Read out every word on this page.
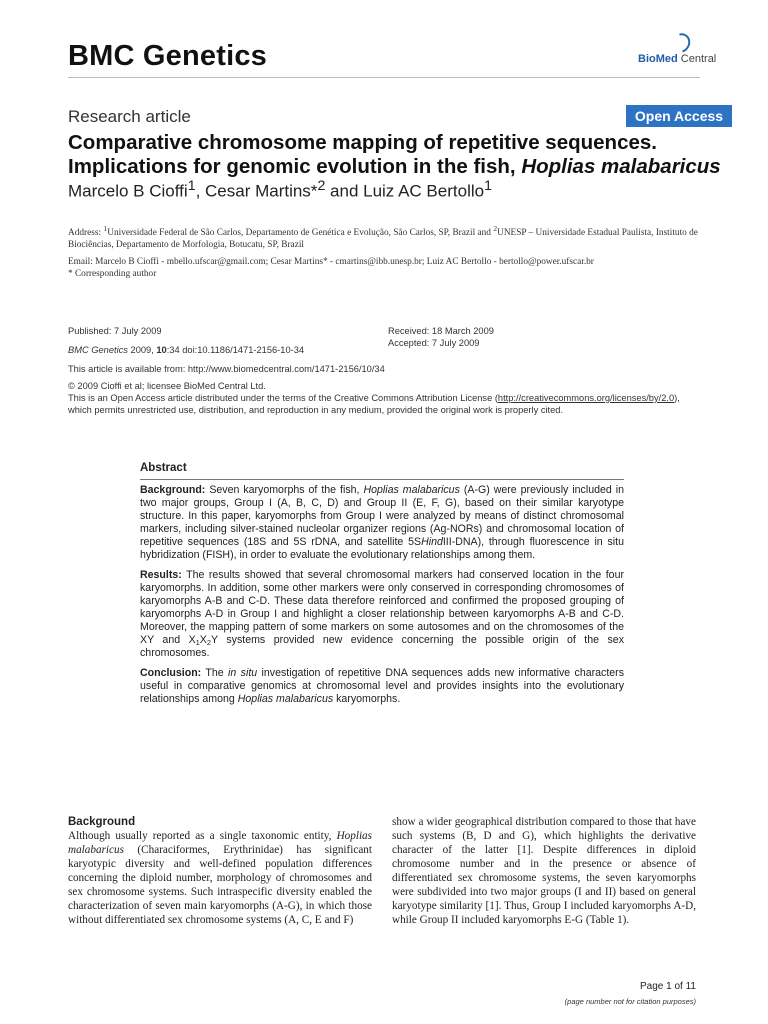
BMC Genetics	BioMed Central
Research article	Open Access
Comparative chromosome mapping of repetitive sequences. Implications for genomic evolution in the fish, Hoplias malabaricus
Marcelo B Cioffi$^1$, Cesar Martins*$^2$ and Luiz AC Bertollo$^1$
Address: $^1$Universidade Federal de São Carlos, Departamento de Genética e Evolução, São Carlos, SP, Brazil and $^2$UNESP – Universidade Estadual Paulista, Instituto de Biociências, Departamento de Morfologia, Botucatu, SP, Brazil
Email: Marcelo B Cioffi - mbello.ufscar@gmail.com; Cesar Martins* - cmartins@ibb.unesp.br; Luiz AC Bertollo - bertollo@power.ufscar.br
* Corresponding author
Published: 7 July 2009
BMC Genetics 2009, 10:34 doi:10.1186/1471-2156-10-34
Received: 18 March 2009
Accepted: 7 July 2009
This article is available from: http://www.biomedcentral.com/1471-2156/10/34
© 2009 Cioffi et al; licensee BioMed Central Ltd.
This is an Open Access article distributed under the terms of the Creative Commons Attribution License (http://creativecommons.org/licenses/by/2.0),
which permits unrestricted use, distribution, and reproduction in any medium, provided the original work is properly cited.
Abstract

Background: Seven karyomorphs of the fish, Hoplias malabaricus (A-G) were previously included in two major groups, Group I (A, B, C, D) and Group II (E, F, G), based on their similar karyotype structure. In this paper, karyomorphs from Group I were analyzed by means of distinct chromosomal markers, including silver-stained nucleolar organizer regions (Ag-NORs) and chromosomal location of repetitive sequences (18S and 5S rDNA, and satellite 5SHindIII-DNA), through fluorescence in situ hybridization (FISH), in order to evaluate the evolutionary relationships among them.

Results: The results showed that several chromosomal markers had conserved location in the four karyomorphs. In addition, some other markers were only conserved in corresponding chromosomes of karyomorphs A-B and C-D. These data therefore reinforced and confirmed the proposed grouping of karyomorphs A-D in Group I and highlight a closer relationship between karyomorphs A-B and C-D. Moreover, the mapping pattern of some markers on some autosomes and on the chromosomes of the XY and $X_1X_2Y$ systems provided new evidence concerning the possible origin of the sex chromosomes.

Conclusion: The in situ investigation of repetitive DNA sequences adds new informative characters useful in comparative genomics at chromosomal level and provides insights into the evolutionary relationships among Hoplias malabaricus karyomorphs.

Background
Although usually reported as a single taxonomic entity, Hoplias malabaricus (Characiformes, Erythrinidae) has significant karyotypic diversity and well-defined population differences concerning the diploid number, morphology of chromosomes and sex chromosome systems. Such intraspecific diversity enabled the characterization of seven main karyomorphs (A-G), in which those without differentiated sex chromosome systems (A, C, E and F)
show a wider geographical distribution compared to those that have such systems (B, D and G), which highlights the derivative character of the latter [1]. Despite differences in diploid chromosome number and in the presence or absence of differentiated sex chromosome systems, the seven karyomorphs were subdivided into two major groups (I and II) based on general karyotype similarity [1]. Thus, Group I included karyomorphs A-D, while Group II included karyomorphs E-G (Table 1).
Page 1 of 11
(page number not for citation purposes)
